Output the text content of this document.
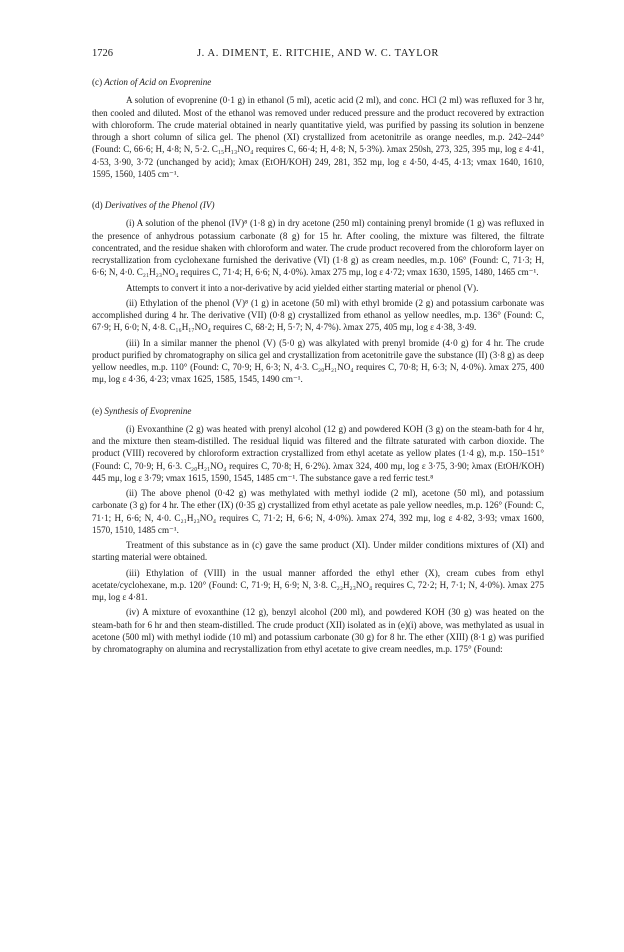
1726	J. A. DIMENT, E. RITCHIE, AND W. C. TAYLOR
(c) Action of Acid on Evoprenine

A solution of evoprenine (0·1 g) in ethanol (5 ml), acetic acid (2 ml), and conc. HCl (2 ml) was refluxed for 3 hr, then cooled and diluted. Most of the ethanol was removed under reduced pressure and the product recovered by extraction with chloroform. The crude material obtained in nearly quantitative yield, was purified by passing its solution in benzene through a short column of silica gel. The phenol (XI) crystallized from acetonitrile as orange needles, m.p. 242–244° (Found: C, 66·6; H, 4·8; N, 5·2. C₁₅H₁₃NO₄ requires C, 66·4; H, 4·8; N, 5·3%). λmax 250sh, 273, 325, 395 mμ, log ε 4·41, 4·53, 3·90, 3·72 (unchanged by acid); λmax (EtOH/KOH) 249, 281, 352 mμ, log ε 4·50, 4·45, 4·13; νmax 1640, 1610, 1595, 1560, 1405 cm⁻¹.

(d) Derivatives of the Phenol (IV)

(i) A solution of the phenol (IV)⁸ (1·8 g) in dry acetone (250 ml) containing prenyl bromide (1 g) was refluxed in the presence of anhydrous potassium carbonate (8 g) for 15 hr. After cooling, the mixture was filtered, the filtrate concentrated, and the residue shaken with chloroform and water. The crude product recovered from the chloroform layer on recrystallization from cyclohexane furnished the derivative (VI) (1·8 g) as cream needles, m.p. 106° (Found: C, 71·3; H, 6·6; N, 4·0. C₂₁H₂₃NO₄ requires C, 71·4; H, 6·6; N, 4·0%). λmax 275 mμ, log ε 4·72; νmax 1630, 1595, 1480, 1465 cm⁻¹.

Attempts to convert it into a nor-derivative by acid yielded either starting material or phenol (V).

(ii) Ethylation of the phenol (V)⁸ (1 g) in acetone (50 ml) with ethyl bromide (2 g) and potassium carbonate was accomplished during 4 hr. The derivative (VII) (0·8 g) crystallized from ethanol as yellow needles, m.p. 136° (Found: C, 67·9; H, 6·0; N, 4·8. C₁₆H₁₇NO₄ requires C, 68·2; H, 5·7; N, 4·7%). λmax 275, 405 mμ, log ε 4·38, 3·49.

(iii) In a similar manner the phenol (V) (5·0 g) was alkylated with prenyl bromide (4·0 g) for 4 hr. The crude product purified by chromatography on silica gel and crystallization from acetonitrile gave the substance (II) (3·8 g) as deep yellow needles, m.p. 110° (Found: C, 70·9; H, 6·3; N, 4·3. C₂₀H₂₁NO₄ requires C, 70·8; H, 6·3; N, 4·0%). λmax 275, 400 mμ, log ε 4·36, 4·23; νmax 1625, 1585, 1545, 1490 cm⁻¹.

(e) Synthesis of Evoprenine

(i) Evoxanthine (2 g) was heated with prenyl alcohol (12 g) and powdered KOH (3 g) on the steam-bath for 4 hr, and the mixture then steam-distilled. The residual liquid was filtered and the filtrate saturated with carbon dioxide. The product (VIII) recovered by chloroform extraction crystallized from ethyl acetate as yellow plates (1·4 g), m.p. 150–151° (Found: C, 70·9; H, 6·3. C₂₀H₂₁NO₄ requires C, 70·8; H, 6·2%). λmax 324, 400 mμ, log ε 3·75, 3·90; λmax (EtOH/KOH) 445 mμ, log ε 3·79; νmax 1615, 1590, 1545, 1485 cm⁻¹. The substance gave a red ferric test.⁸

(ii) The above phenol (0·42 g) was methylated with methyl iodide (2 ml), acetone (50 ml), and potassium carbonate (3 g) for 4 hr. The ether (IX) (0·35 g) crystallized from ethyl acetate as pale yellow needles, m.p. 126° (Found: C, 71·1; H, 6·6; N, 4·0. C₂₁H₂₃NO₄ requires C, 71·2; H, 6·6; N, 4·0%). λmax 274, 392 mμ, log ε 4·82, 3·93; νmax 1600, 1570, 1510, 1485 cm⁻¹.

Treatment of this substance as in (c) gave the same product (XI). Under milder conditions mixtures of (XI) and starting material were obtained.

(iii) Ethylation of (VIII) in the usual manner afforded the ethyl ether (X), cream cubes from ethyl acetate/cyclohexane, m.p. 120° (Found: C, 71·9; H, 6·9; N, 3·8. C₂₂H₂₃NO₄ requires C, 72·2; H, 7·1; N, 4·0%). λmax 275 mμ, log ε 4·81.

(iv) A mixture of evoxanthine (12 g), benzyl alcohol (200 ml), and powdered KOH (30 g) was heated on the steam-bath for 6 hr and then steam-distilled. The crude product (XII) isolated as in (e)(i) above, was methylated as usual in acetone (500 ml) with methyl iodide (10 ml) and potassium carbonate (30 g) for 8 hr. The ether (XIII) (8·1 g) was purified by chromatography on alumina and recrystallization from ethyl acetate to give cream needles, m.p. 175° (Found:
